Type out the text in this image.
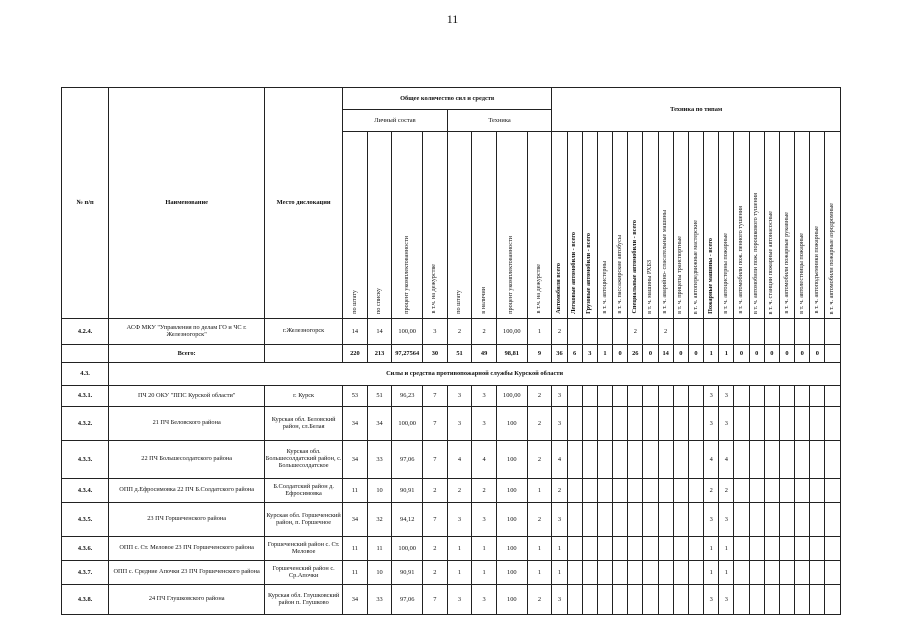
11
№ п/п	Наименование	Место дислокации	Общее количество сил и средств								Техника по типам																		
			Личный состав				Техника																						
			по штату	по списку	процент укомплектованности	в т.ч. на дежурстве	по штату	в наличии	процент укомплектованности	в т.ч. на дежурстве	Автомобили всего	Легковые автомобили - всего	Грузовые автомобили - всего	в т. ч. автоцистерны	в т. ч. пассажирские автобусы	Специальные автомобили - всего	в т. ч. машины РХБЗ	в т. ч. аварийно- спасательные машины	в т. ч. прицепы транспортные	в т. ч. автопередвижные мастерские	Пожарные машины - всего	в т. ч. автоцистерны пожарные	в т. ч. автомобили пож. пенного тушения	в т. ч. автомобили пож. порошкового тушения	в т. ч. станции пожарные автонасосные	в т. ч. автомобили пожарные рукавные	в т. ч. автолестницы пожарные	в т. ч. автоподъемники пожарные	в т. ч. автомобили пожарные аэродромные
4.2.4.	АСФ МКУ "Управления по делам ГО и ЧС г. Железногорск"	г.Железногорск	14	14	100,00	3	2	2	100,00	1	2					2		2											
	Всего:		220	213	97,27564	30	51	49	98,81	9	36	6	3	1	0	26	0	14	0	0	1	1	0	0	0	0	0	0	
4.3.	Силы и средства противопожарной службы Курской области																												
4.3.1.	ПЧ 20 ОКУ "ППС Курской области"	г. Курск	53	51	96,23	7	3	3	100,00	2	3										3	3							
4.3.2.	21 ПЧ Беловского района	Курская обл. Беловский район, сл.Белая	34	34	100,00	7	3	3	100	2	3										3	3							
4.3.3.	22 ПЧ Большесолдатского района	Курская обл. Большесолдатский район, с. Большесолдатское	34	33	97,06	7	4	4	100	2	4										4	4							
4.3.4.	ОПП д.Ефросимовка 22 ПЧ Б.Солдатского района	Б.Солдатский район д. Ефросимовка	11	10	90,91	2	2	2	100	1	2										2	2							
4.3.5.	23 ПЧ Горшеченского района	Курская обл. Горшеченский район, п. Горшечное	34	32	94,12	7	3	3	100	2	3										3	3							
4.3.6.	ОПП с. Ст. Меловое 23 ПЧ Горшеченского района	Горшеченский район с. Ст. Меловое	11	11	100,00	2	1	1	100	1	1										1	1							
4.3.7.	ОПП с. Средние Апочки 23 ПЧ Горшеченского района	Горшеченский район с. Ср.Апочки	11	10	90,91	2	1	1	100	1	1										1	1							
4.3.8.	24 ПЧ Глушковского района	Курская обл. Глушковский район п. Глушково	34	33	97,06	7	3	3	100	2	3										3	3							
